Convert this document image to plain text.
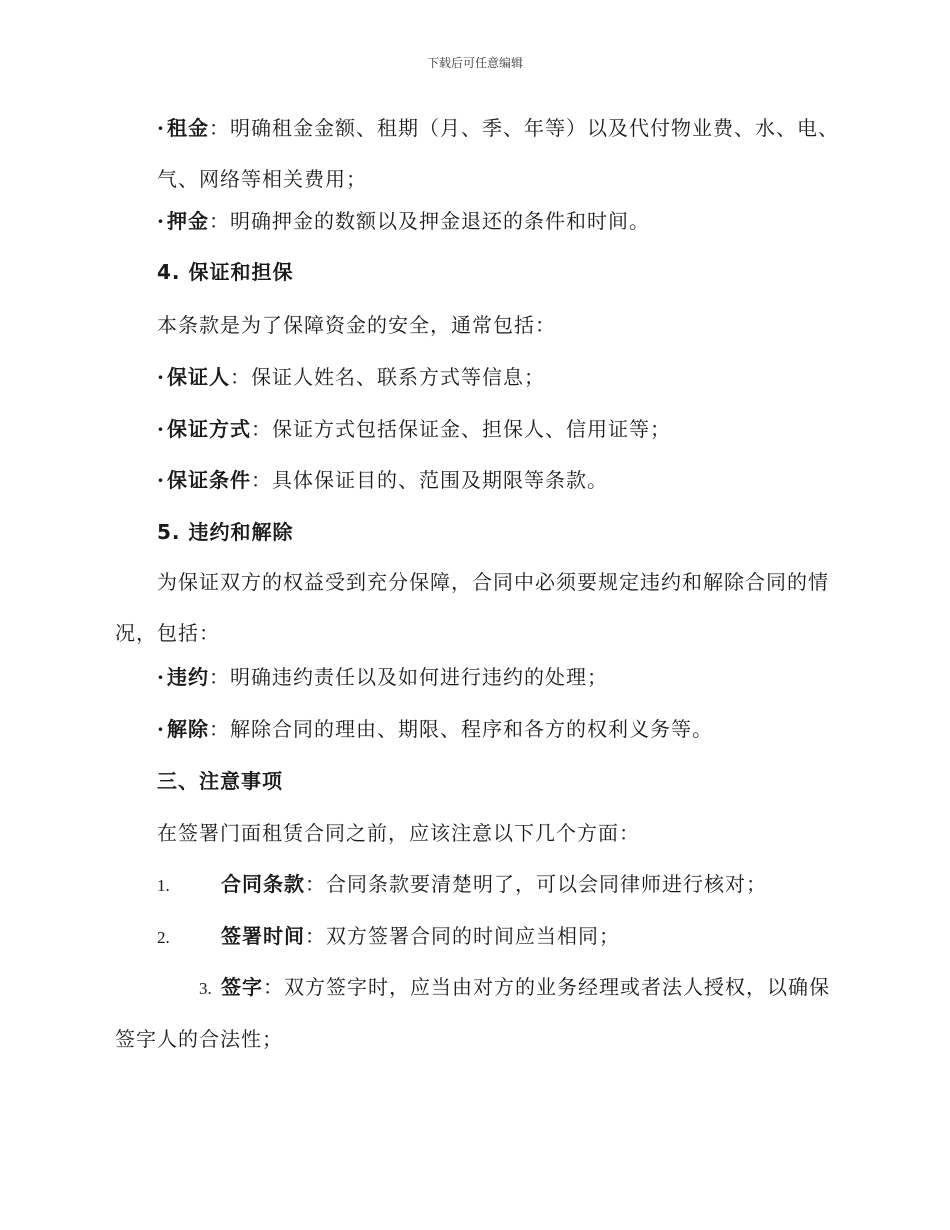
下载后可任意编辑
· 租金：明确租金金额、租期（月、季、年等）以及代付物业费、水、电、气、网络等相关费用；
· 押金：明确押金的数额以及押金退还的条件和时间。
4. 保证和担保
本条款是为了保障资金的安全，通常包括：
· 保证人：保证人姓名、联系方式等信息；
· 保证方式：保证方式包括保证金、担保人、信用证等；
· 保证条件：具体保证目的、范围及期限等条款。
5. 违约和解除
为保证双方的权益受到充分保障，合同中必须要规定违约和解除合同的情况，包括：
· 违约：明确违约责任以及如何进行违约的处理；
· 解除：解除合同的理由、期限、程序和各方的权利义务等。
三、注意事项
在签署门面租赁合同之前，应该注意以下几个方面：
1.	合同条款：合同条款要清楚明了，可以会同律师进行核对；
2.	签署时间：双方签署合同的时间应当相同；
3. 签字：双方签字时，应当由对方的业务经理或者法人授权，以确保签字人的合法性；
